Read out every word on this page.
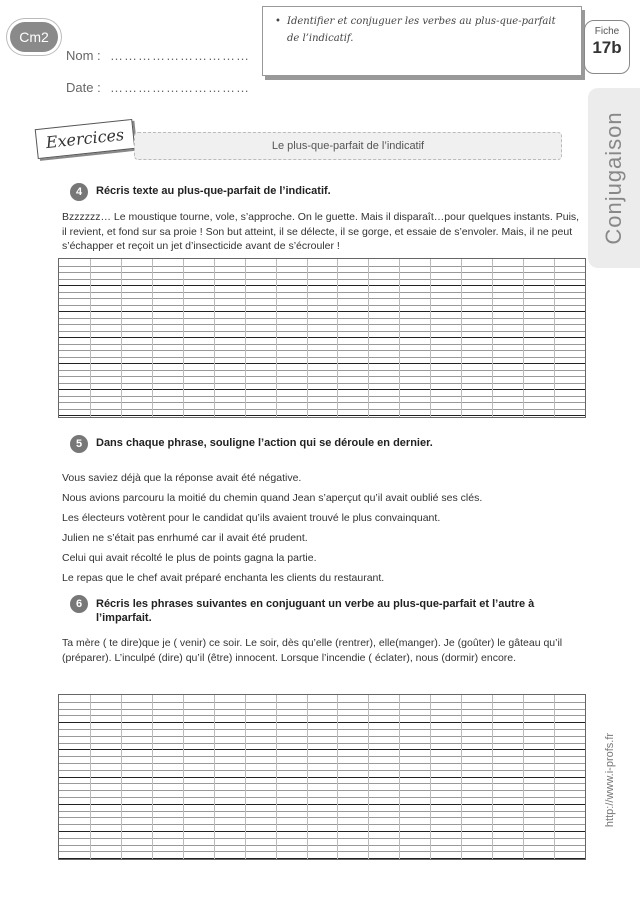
Cm2
Nom : …………………………
Date : …………………………
• Identifier et conjuguer les verbes au plus-que-parfait de l’indicatif.
Fiche
17b
Conjugaison
Exercices	Le plus-que-parfait de l’indicatif
4	Récris texte au plus-que-parfait de l’indicatif.
Bzzzzzz… Le moustique tourne, vole, s’approche. On le guette. Mais il disparaît…pour quelques instants. Puis, il revient, et fond sur sa proie ! Son but atteint, il se délecte, il se gorge, et essaie de s’envoler. Mais, il ne peut s’échapper et reçoit un jet d’insecticide avant de s’écrouler !
5	Dans chaque phrase, souligne l’action qui se déroule en dernier.
Vous saviez déjà que la réponse avait été négative.
Nous avions parcouru la moitié du chemin quand Jean s’aperçut qu’il avait oublié ses clés.
Les électeurs votèrent pour le candidat qu’ils avaient trouvé le plus convainquant.
Julien ne s’était pas enrhumé car il avait été prudent.
Celui qui avait récolté le plus de points gagna la partie.
Le repas que le chef avait préparé enchanta les clients du restaurant.
6	Récris les phrases suivantes en conjuguant un verbe au plus-que-parfait et l’autre à l’imparfait.
Ta mère ( te dire)que je ( venir) ce soir. Le soir, dès qu’elle (rentrer), elle(manger). Je (goûter) le gâteau qu’il (préparer). L’inculpé (dire) qu’il (être) innocent. Lorsque l’incendie ( éclater), nous (dormir) encore.
http://www.i-profs.fr
